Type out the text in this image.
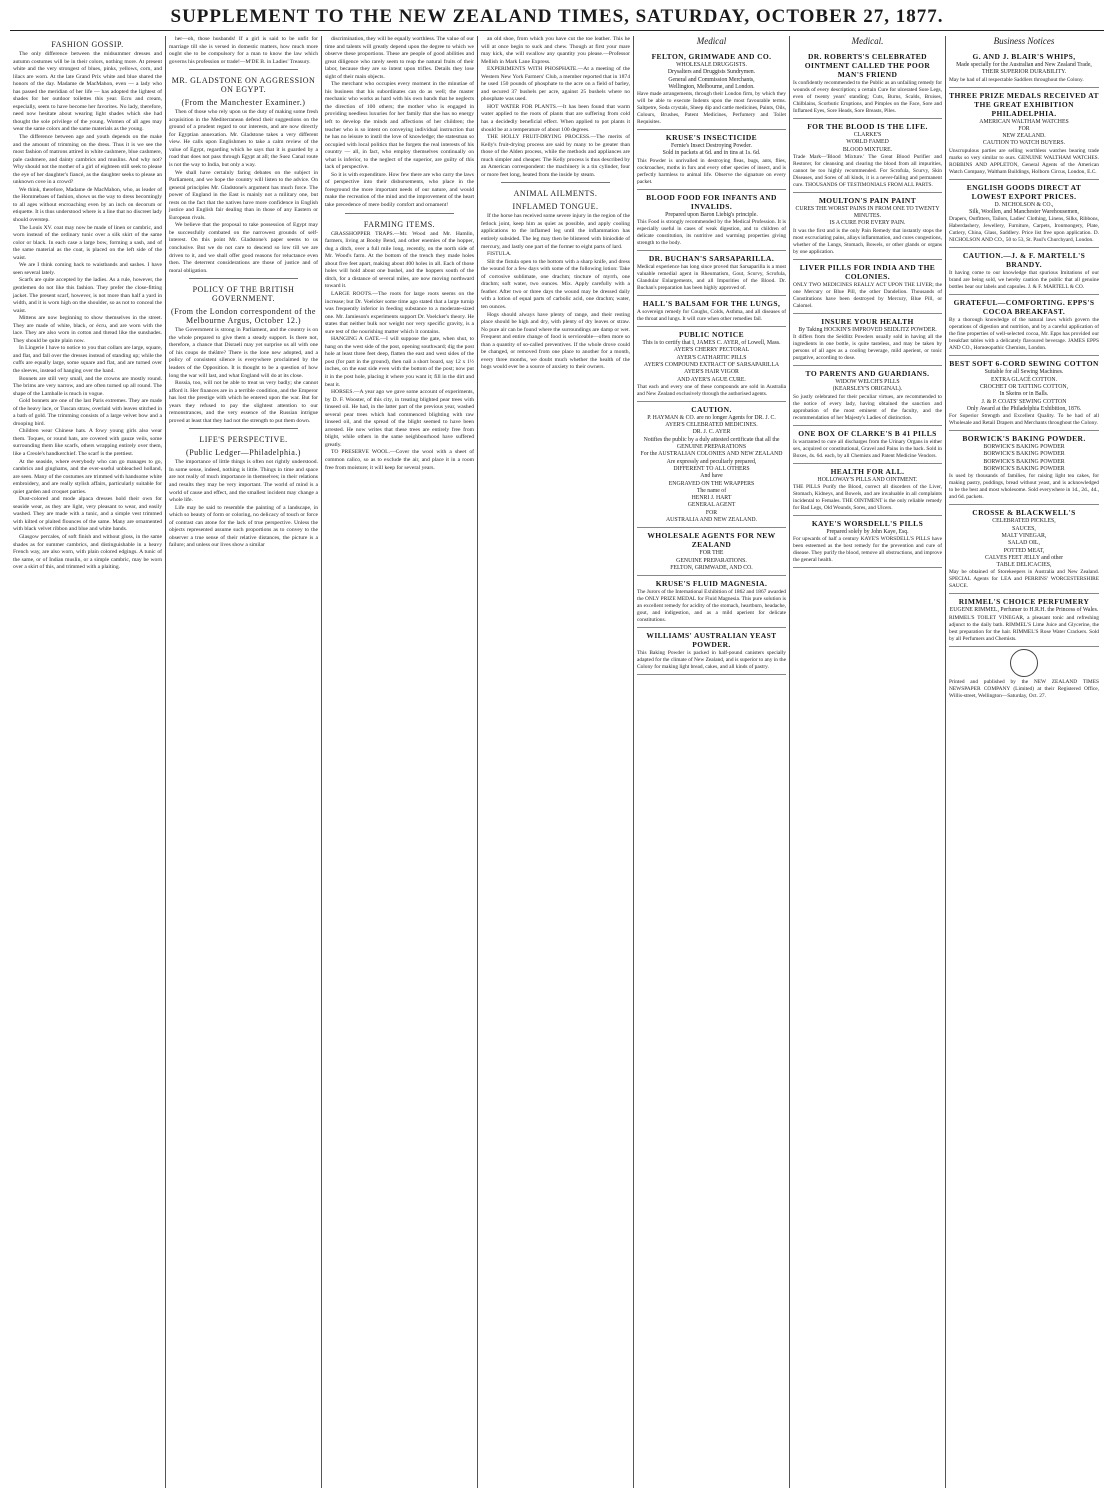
SUPPLEMENT TO THE NEW ZEALAND TIMES, SATURDAY, OCTOBER 27, 1877.
FASHION GOSSIP.

The only difference between the midsummer dresses and autumn costumes will be in their colors, nothing more. At present white and the very strongest of blues, pinks, yellows, corn, and lilacs are worn. At the late Grand Prix white and blue shared the honors of the day. Madame de MacMahon, even — a lady who has passed the meridian of her life — has adopted the lightest of shades for her outdoor toilettes this year. Ecru and cream, especially, seem to have become her favorites. No lady, therefore, need now hesitate about wearing light shades which she had thought the sole privilege of the young. Women of all ages may wear the same colors and the same materials as the young.

The difference between age and youth depends on the make and the amount of trimming on the dress. Thus it is we see the most fashion of matrons attired in white cashmere, blue cashmere, pale cashmere, and dainty cambrics and muslins. And why not? Why should not the mother of a girl of eighteen still seek to please the eye of her daughter's fiancé, as the daughter seeks to please an unknown cove in a crowd?

We think, therefore, Madame de MacMahon, who, as leader of the Hommebaes of fashion, shows us the way to dress becomingly to all ages without encroaching even by an inch on decorum or etiquette. It is thus understood where is a line that no discreet lady should overstep.

The Louis XV. coat may now be made of linen or cambric, and worn instead of the ordinary tunic over a silk skirt of the same color or black. In each case a large bow, forming a sash, and of the same material as the coat, is placed on the left side of the waist.

We are I think coming back to waistbands and sashes. I have seen several lately.

Scarfs are quite accepted by the ladies. As a rule, however, the gentlemen do not like this fashion. They prefer the close-fitting jacket. The present scarf, however, is not more than half a yard in width, and it is worn high on the shoulder, so as not to conceal the waist.

Mittens are now beginning to show themselves in the street. They are made of white, black, or écru, and are worn with the lace. They are also worn in cotton and thread like the sunshades. They should be quite plain now.

In Lingerie I have to notice to you that collars are large, square, and flat, and fall over the dresses instead of standing up; while the cuffs are equally large, some square and flat, and are turned over the sleeves, instead of hanging over the hand.

Bonnets are still very small, and the crowns are mostly round. The brims are very narrow, and are often turned up all round. The shape of the Lamballe is much in vogue.

Gold bonnets are one of the last Paris extremes. They are made of the heavy lace, or Tuscan straw, overlaid with leaves stitched in a bath of gold. The trimming consists of a large velvet bow and a drooping bird.

Children wear Chinese hats. A fowy young girls also wear them. Toques, or round hats, are covered with gauze veils, some surrounding them like scarfs, others wrapping entirely over them, like a Creole's handkerchief. The scarf is the prettiest.

At the seaside, where everybody who can go manages to go, cambrics and ginghams, and the ever-useful unbleached holland, are seen. Many of the costumes are trimmed with handsome white embroidery, and are really stylish affairs, particularly suitable for quiet garden and croquet parties.

Dust-colored and mode alpaca dresses hold their own for seaside wear, as they are light, very pleasant to wear, and easily washed. They are made with a tunic, and a simple vest trimmed with kilted or plaited flounces of the same. Many are ornamented with black velvet ribbon and blue and white bands.

Glasgow percales, of soft finish and without gloss, in the same shades as for summer cambrics, and distinguishable in a heavy French way, are also worn, with plain colored edgings. A tunic of the same, or of Indian muslin, or a simple cambric, may be worn over a skirt of this, and trimmed with a plaiting.

her—oh, those husbands! If a girl is said to be unfit for marriage till she is versed in domestic matters, how much more ought she to be compulsory for a man to know the law which governs his profession or trade!—M'DE B. in Ladies' Treasury.

MR. GLADSTONE ON AGGRESSION ON EGYPT.
(From the Manchester Examiner.)

Then of those who rely upon us the duty of making some fresh acquisition in the Mediterranean defend their suggestions on the ground of a prudent regard to our interests, and are now directly for Egyptian annexation. Mr. Gladstone takes a very different view. He calls upon Englishmen to take a calm review of the value of Egypt, regarding which he says that it is guarded by a road that does not pass through Egypt at all; the Suez Canal route is not the way to India, but only a way.

We shall have certainly faring debates on the subject in Parliament, and we hope the country will listen to the advice. On general principles Mr. Gladstone's argument has much force. The power of England in the East is mainly not a military one, but rests on the fact that the natives have more confidence in English justice and English fair dealing than in those of any Eastern or European rivals.

We believe that the proposal to take possession of Egypt may be successfully combated on the narrowest grounds of self-interest. On this point Mr. Gladstone's paper seems to us conclusive. But we do not care to descend so low till we are driven to it, and we shall offer good reasons for reluctance even then. The deterrent considerations are those of justice and of moral obligation.

POLICY OF THE BRITISH GOVERNMENT.
(From the London correspondent of the Melbourne Argus, October 12.)

The Government is strong in Parliament, and the country is on the whole prepared to give them a steady support. Is there not, therefore, a chance that Disraeli may yet surprise us all with one of his coups de théâtre? There is the lone new adopted, and a policy of consistent silence is everywhere proclaimed by the leaders of the Opposition. It is thought to be a question of how long the war will last, and what England will do at its close.

Russia, too, will not be able to treat us very badly; she cannot afford it. Her finances are in a terrible condition, and the Emperor has lost the prestige with which he entered upon the war. But for years they refused to pay the slightest attention to our remonstrances, and the very essence of the Russian intrigue proved at least that they had not the strength to put them down.

LIFE'S PERSPECTIVE.
(Public Ledger—Philadelphia.)

The importance of little things is often not rightly understood. In some sense, indeed, nothing is little. Things in time and space are not really of much importance in themselves; in their relations and results they may be very important. The world of mind is a world of cause and effect, and the smallest incident may change a whole life.

Life may be said to resemble the painting of a landscape, in which so beauty of form or coloring, no delicacy of touch or force of contrast can atone for the lack of true perspective. Unless the objects represented assume such proportions as to convey to the observer a true sense of their relative distances, the picture is a failure; and unless our lives show a similar

discrimination, they will be equally worthless. The value of our time and talents will greatly depend upon the degree to which we observe these proportions. These are people of good abilities and great diligence who rarely seem to reap the natural fruits of their labor, because they are so intent upon trifles. Details they lose sight of their main objects.

The merchant who occupies every moment in the minutiae of his business that his subordinates can do as well; the master mechanic who works as hard with his own hands that he neglects the direction of 100 others; the mother who is engaged in providing needless luxuries for her family that she has no energy left to develop the minds and affections of her children; the teacher who is so intent on conveying individual instruction that he has no leisure to instil the love of knowledge; the statesman so occupied with local politics that he forgets the real interests of his country — all, in fact, who employ themselves continually on what is inferior, to the neglect of the superior, are guilty of this lack of perspective.

So it is with expenditure. How few there are who carry the laws of perspective into their disbursements, who place in the foreground the more important needs of our nature, and would make the recreation of the mind and the improvement of the heart take precedence of mere bodily comfort and ornament!

FARMING ITEMS.

GRASSHOPPER TRAPS.—Mr. Wood and Mr. Hamlin, farmers, living at Booby Bend, and other enemies of the hopper, dug a ditch, over a full mile long, recently, on the north side of Mr. Wood's farm. At the bottom of the trench they made holes about five feet apart, making about 400 holes in all. Each of those holes will hold about one bushel, and the hoppers south of the ditch, for a distance of several miles, are now moving northward toward it.

LARGE ROOTS.—The roots for large roots seems on the increase; but Dr. Voelcker some time ago stated that a large turnip was frequently inferior in feeding substance to a moderate-sized one. Mr. Jamieson's experiments support Dr. Voelcker's theory. He states that neither bulk nor weight nor very specific gravity, is a sure test of the nourishing matter which it contains.

HANGING A GATE.—I will suppose the gate, when shut, to hang on the west side of the post, opening southward; dig the post hole at least three feet deep, flatten the east and west sides of the post (for part in the ground), then nail a short board, say 12 x 1½ inches, on the east side even with the bottom of the post; now put it in the post hole, placing it where you want it; fill in the dirt and beat it.

HORSES.—A year ago we gave some account of experiments, by D. F. Wooster, of this city, in treating blighted pear trees with linseed oil. He had, in the latter part of the previous year, washed several pear trees which had commenced blighting with raw linseed oil, and the spread of the blight seemed to have been arrested. He now writes that these trees are entirely free from blight, while others in the same neighbourhood have suffered greatly.

TO PRESERVE WOOL.—Cover the wool with a sheet of common calico, so as to exclude the air, and place it in a room free from moisture; it will keep for several years.

an old shoe, from which you have cut the toe leather. This he will at once begin to suck and chew. Though at first your mare may kick, she will swallow any quantity you please.—Professor Mellish in Mark Lane Express.

EXPERIMENTS WITH PHOSPHATE.—At a meeting of the Western New York Farmers' Club, a member reported that in 1874 he used 150 pounds of phosphate to the acre on a field of barley, and secured 37 bushels per acre, against 25 bushels where no phosphate was used.

HOT WATER FOR PLANTS.—It has been found that warm water applied to the roots of plants that are suffering from cold has a decidedly beneficial effect. When applied to pot plants it should be at a temperature of about 100 degrees.

THE HOLLY FRUIT-DRYING PROCESS.—The merits of Kelly's fruit-drying process are said by many to be greater than those of the Alden process, while the methods and appliances are much simpler and cheaper. The Kelly process is thus described by an American correspondent: the machinery is a tin cylinder, four or more feet long, heated from the inside by steam.

ANIMAL AILMENTS.
INFLAMED TONGUE.

If the horse has received some severe injury in the region of the fetlock joint, keep him as quiet as possible, and apply cooling applications to the inflamed leg until the inflammation has entirely subsided. The leg may then be blistered with biniodide of mercury, and lastly one part of the former to eight parts of lard.

FISTULA.

Slit the fistula open to the bottom with a sharp knife, and dress the wound for a few days with some of the following lotion: Take of corrosive sublimate, one drachm; tincture of myrrh, one drachm; soft water, two ounces. Mix. Apply carefully with a feather. After two or three days the wound may be dressed daily with a lotion of equal parts of carbolic acid, one drachm; water, ten ounces.

Hogs should always have plenty of range, and their resting place should be high and dry, with plenty of dry leaves or straw. No pure air can be found where the surroundings are damp or wet. Frequent and entire change of food is serviceable—often more so than a quantity of so-called preventives. If the whole drove could be changed, or removed from one place to another for a month, every three months, we doubt much whether the health of the hogs would ever be a source of anxiety to their owners.

Medical
FELTON, GRIMWADE AND CO.

WHOLESALE DRUGGISTS.

Drysalters and Druggists Sundrymen.

General and Commission Merchants,

Wellington, Melbourne, and London.

Have made arrangements, through their London firm, by which they will be able to execute Indents upon the most favourable terms. Saltpetre, Soda crystals, Sheep dip and cattle medicines, Paints, Oils, Colours, Brushes, Patent Medicines, Perfumery and Toilet Requisites.

KRUSE'S INSECTICIDE

Fernie's Insect Destroying Powder.

Sold in packets at 6d. and in tins at 1s. 6d.

This Powder is unrivalled in destroying fleas, bugs, ants, flies, cockroaches, moths in furs and every other species of insect, and is perfectly harmless to animal life. Observe the signature on every packet.

BLOOD FOOD FOR INFANTS AND INVALIDS.

Prepared upon Baron Liebig's principle.

This Food is strongly recommended by the Medical Profession. It is especially useful in cases of weak digestion, and to children of delicate constitution, its nutritive and warming properties giving strength to the body.

DR. BUCHAN'S SARSAPARILLA.

Medical experience has long since proved that Sarsaparilla is a most valuable remedial agent in Rheumatism, Gout, Scurvy, Scrofula, Glandular Enlargements, and all Impurities of the Blood. Dr. Buchan's preparation has been highly approved of.

HALL'S BALSAM FOR THE LUNGS,

A sovereign remedy for Coughs, Colds, Asthma, and all diseases of the throat and lungs. It will cure when other remedies fail.

PUBLIC NOTICE

This is to certify that I, JAMES C. AYER, of Lowell, Mass.

AYER'S CHERRY PECTORAL

AYER'S CATHARTIC PILLS

AYER'S COMPOUND EXTRACT OF SARSAPARILLA

AYER'S HAIR VIGOR

AND AYER'S AGUE CURE.

That each and every one of these compounds are sold in Australia and New Zealand exclusively through the authorised agents.

CAUTION.

P. HAYMAN & CO. are no longer Agents for DR. J. C. AYER'S CELEBRATED MEDICINES.

DR. J. C. AYER

Notifies the public by a duly attested certificate that all the GENUINE PREPARATIONS

For the AUSTRALIAN COLONIES AND NEW ZEALAND

Are expressly and peculiarly prepared,

DIFFERENT TO ALL OTHERS

And have

ENGRAVED ON THE WRAPPERS

The name of

HENRI J. HART

GENERAL AGENT

FOR

AUSTRALIA AND NEW ZEALAND.

WHOLESALE AGENTS FOR NEW ZEALAND

FOR THE

GENUINE PREPARATIONS.

FELTON, GRIMWADE, AND CO.

KRUSE'S FLUID MAGNESIA.

The Jurors of the International Exhibition of 1862 and 1867 awarded the ONLY PRIZE MEDAL for Fluid Magnesia. This pure solution is an excellent remedy for acidity of the stomach, heartburn, headache, gout, and indigestion, and as a mild aperient for delicate constitutions.

WILLIAMS' AUSTRALIAN YEAST POWDER.

This Baking Powder is packed in half-pound canisters specially adapted for the climate of New Zealand, and is superior to any in the Colony for making light bread, cakes, and all kinds of pastry.

Medical.
DR. ROBERTS'S CELEBRATED OINTMENT CALLED THE POOR MAN'S FRIEND

Is confidently recommended to the Public as an unfailing remedy for wounds of every description; a certain Cure for ulcerated Sore Legs, even of twenty years' standing; Cuts, Burns, Scalds, Bruises, Chilblains, Scorbutic Eruptions, and Pimples on the Face, Sore and Inflamed Eyes, Sore Heads, Sore Breasts, Piles.

FOR THE BLOOD IS THE LIFE.

CLARKE'S

WORLD FAMED

BLOOD MIXTURE.

Trade Mark—'Blood Mixture.' The Great Blood Purifier and Restorer, for cleansing and clearing the blood from all impurities, cannot be too highly recommended. For Scrofula, Scurvy, Skin Diseases, and Sores of all kinds, it is a never-failing and permanent cure. THOUSANDS OF TESTIMONIALS FROM ALL PARTS.

MOULTON'S PAIN PAINT

CURES THE WORST PAINS IN FROM ONE TO TWENTY MINUTES.

IS A CURE FOR EVERY PAIN.

It was the first and is the only Pain Remedy that instantly stops the most excruciating pains, allays inflammation, and cures congestions, whether of the Lungs, Stomach, Bowels, or other glands or organs by one application.

LIVER PILLS FOR INDIA AND THE COLONIES.

ONLY TWO MEDICINES REALLY ACT UPON THE LIVER; the one Mercury or Blue Pill, the other Dandelion. Thousands of Constitutions have been destroyed by Mercury, Blue Pill, or Calomel.

INSURE YOUR HEALTH

By Taking HOCKIN'S IMPROVED SEIDLITZ POWDER.

It differs from the Seidlitz Powders usually sold in having all the ingredients in one bottle, is quite tasteless, and may be taken by persons of all ages as a cooling beverage, mild aperient, or tonic purgative, according to dose.

TO PARENTS AND GUARDIANS.

WIDOW WELCH'S PILLS

(KEARSLEY'S ORIGINAL).

So justly celebrated for their peculiar virtues, are recommended to the notice of every lady, having obtained the sanction and approbation of the most eminent of the faculty, and the recommendation of her Majesty's Ladies of distinction.

ONE BOX OF CLARKE'S B 41 PILLS

Is warranted to cure all discharges from the Urinary Organs in either sex, acquired or constitutional, Gravel and Pains in the back. Sold in Boxes, 4s. 6d. each, by all Chemists and Patent Medicine Vendors.

HEALTH FOR ALL.

HOLLOWAY'S PILLS AND OINTMENT.

THE PILLS Purify the Blood, correct all disorders of the Liver, Stomach, Kidneys, and Bowels, and are invaluable in all complaints incidental to Females. THE OINTMENT is the only reliable remedy for Bad Legs, Old Wounds, Sores, and Ulcers.

KAYE'S WORSDELL'S PILLS

Prepared solely by John Kaye, Esq.

For upwards of half a century KAYE'S WORSDELL'S PILLS have been esteemed as the best remedy for the prevention and cure of disease. They purify the blood, remove all obstructions, and improve the general health.

Business Notices
G. AND J. BLAIR'S WHIPS,

Made specially for the Australian and New Zealand Trade,

THEIR SUPERIOR DURABILITY.

May be had of all respectable Saddlers throughout the Colony.

THREE PRIZE MEDALS RECEIVED AT THE GREAT EXHIBITION PHILADELPHIA.

AMERICAN WALTHAM WATCHES

FOR

NEW ZEALAND.

CAUTION TO WATCH BUYERS.

Unscrupulous parties are selling worthless watches bearing trade marks so very similar to ours. GENUINE WALTHAM WATCHES. ROBBINS AND APPLETON, General Agents of the American Watch Company, Waltham Buildings, Holborn Circus, London, E.C.

ENGLISH GOODS DIRECT AT LOWEST EXPORT PRICES.

D. NICHOLSON & CO.,

Silk, Woollen, and Manchester Warehousemen,

Drapers, Outfitters, Tailors, Ladies' Clothing, Linens, Silks, Ribbons, Haberdashery, Jewellery, Furniture, Carpets, Ironmongery, Plate, Cutlery, China, Glass, Saddlery. Price list free upon application. D. NICHOLSON AND CO., 50 to 53, St. Paul's Churchyard, London.

CAUTION.—J. & F. MARTELL'S BRANDY.

It having come to our knowledge that spurious Imitations of our brand are being sold, we hereby caution the public that all genuine bottles bear our labels and capsules. J. & F. MARTELL & CO.

GRATEFUL—COMFORTING. EPPS'S COCOA BREAKFAST.

By a thorough knowledge of the natural laws which govern the operations of digestion and nutrition, and by a careful application of the fine properties of well-selected cocoa, Mr. Epps has provided our breakfast tables with a delicately flavoured beverage. JAMES EPPS AND CO., Homœopathic Chemists, London.

BEST SOFT 6-CORD SEWING COTTON

Suitable for all Sewing Machines.

EXTRA GLACÉ COTTON.

CROCHET OR TATTING COTTON,

In Skeins or in Balls.

J. & P. COATS' SEWING COTTON

Only Award at the Philadelphia Exhibition, 1876.

For Superior Strength and Excellent Quality. To be had of all Wholesale and Retail Drapers and Merchants throughout the Colony.

BORWICK'S BAKING POWDER.

BORWICK'S BAKING POWDER

BORWICK'S BAKING POWDER

BORWICK'S BAKING POWDER

BORWICK'S BAKING POWDER

Is used by thousands of families, for raising light tea cakes, for making pastry, puddings, bread without yeast, and is acknowledged to be the best and most wholesome. Sold everywhere in 1d., 2d., 4d., and 6d. packets.

CROSSE & BLACKWELL'S

CELEBRATED PICKLES,

SAUCES,

MALT VINEGAR,

SALAD OIL,

POTTED MEAT,

CALVES FEET JELLY and other

TABLE DELICACIES,

May be obtained of Storekeepers in Australia and New Zealand. SPECIAL Agents for LEA and PERRINS' WORCESTERSHIRE SAUCE.

RIMMEL'S CHOICE PERFUMERY

EUGENE RIMMEL, Perfumer to H.R.H. the Princess of Wales.

RIMMEL'S TOILET VINEGAR, a pleasant tonic and refreshing adjunct to the daily bath. RIMMEL'S Lime Juice and Glycerine, the best preparation for the hair. RIMMEL'S Rose Water Crackers. Sold by all Perfumers and Chemists.

Printed and published by the NEW ZEALAND TIMES NEWSPAPER COMPANY (Limited) at their Registered Office, Willis-street, Wellington—Saturday, Oct. 27.
